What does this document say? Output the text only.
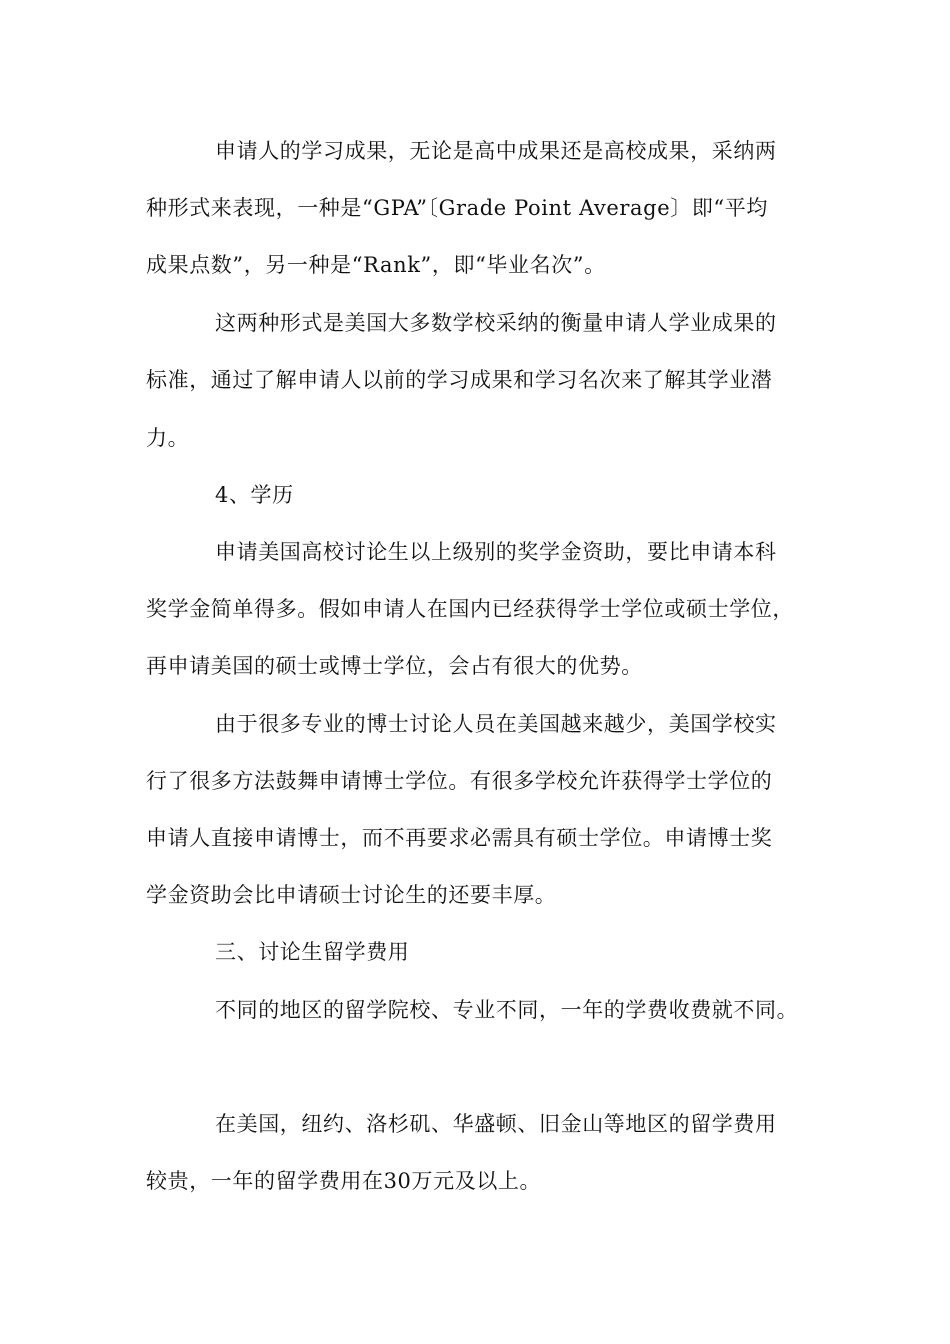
申请人的学习成果，无论是高中成果还是高校成果，采纳两
种形式来表现，一种是“GPA”〔Grade Point Average〕即“平均
成果点数”，另一种是“Rank”，即“毕业名次”。
这两种形式是美国大多数学校采纳的衡量申请人学业成果的
标准，通过了解申请人以前的学习成果和学习名次来了解其学业潜
力。
4、学历
申请美国高校讨论生以上级别的奖学金资助，要比申请本科
奖学金简单得多。假如申请人在国内已经获得学士学位或硕士学位，
再申请美国的硕士或博士学位，会占有很大的优势。
由于很多专业的博士讨论人员在美国越来越少，美国学校实
行了很多方法鼓舞申请博士学位。有很多学校允许获得学士学位的
申请人直接申请博士，而不再要求必需具有硕士学位。申请博士奖
学金资助会比申请硕士讨论生的还要丰厚。
三、讨论生留学费用
不同的地区的留学院校、专业不同，一年的学费收费就不同。
在美国，纽约、洛杉矶、华盛顿、旧金山等地区的留学费用
较贵，一年的留学费用在30万元及以上。
